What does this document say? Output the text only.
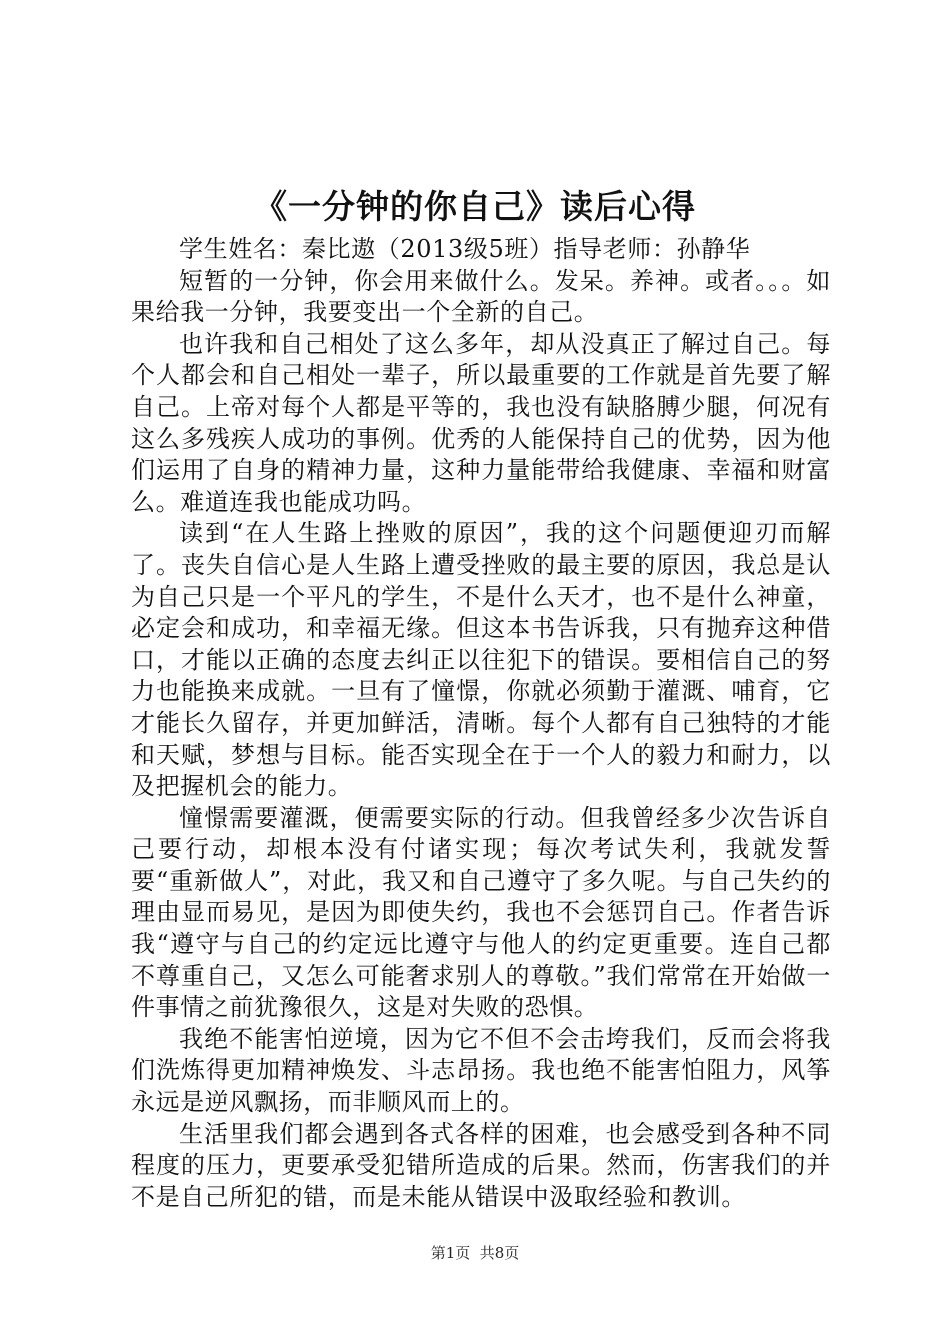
《一分钟的你自己》读后心得

学生姓名：秦比遨（2013级5班）指导老师：孙静华

短暂的一分钟，你会用来做什么。发呆。养神。或者。。。如果给我一分钟，我要变出一个全新的自己。

也许我和自己相处了这么多年，却从没真正了解过自己。每个人都会和自己相处一辈子，所以最重要的工作就是首先要了解自己。上帝对每个人都是平等的，我也没有缺胳膊少腿，何况有这么多残疾人成功的事例。优秀的人能保持自己的优势，因为他们运用了自身的精神力量，这种力量能带给我健康、幸福和财富么。难道连我也能成功吗。

读到“在人生路上挫败的原因”，我的这个问题便迎刃而解了。丧失自信心是人生路上遭受挫败的最主要的原因，我总是认为自己只是一个平凡的学生，不是什么天才，也不是什么神童，必定会和成功，和幸福无缘。但这本书告诉我，只有抛弃这种借口，才能以正确的态度去纠正以往犯下的错误。要相信自己的努力也能换来成就。一旦有了憧憬，你就必须勤于灌溉、哺育，它才能长久留存，并更加鲜活，清晰。每个人都有自己独特的才能和天赋，梦想与目标。能否实现全在于一个人的毅力和耐力，以及把握机会的能力。

憧憬需要灌溉，便需要实际的行动。但我曾经多少次告诉自己要行动，却根本没有付诸实现；每次考试失利，我就发誓要“重新做人”，对此，我又和自己遵守了多久呢。与自己失约的理由显而易见，是因为即使失约，我也不会惩罚自己。作者告诉我“遵守与自己的约定远比遵守与他人的约定更重要。连自己都不尊重自己，又怎么可能奢求别人的尊敬。”我们常常在开始做一件事情之前犹豫很久，这是对失败的恐惧。

我绝不能害怕逆境，因为它不但不会击垮我们，反而会将我们洗炼得更加精神焕发、斗志昂扬。我也绝不能害怕阻力，风筝永远是逆风飘扬，而非顺风而上的。

生活里我们都会遇到各式各样的困难，也会感受到各种不同程度的压力，更要承受犯错所造成的后果。然而，伤害我们的并不是自己所犯的错，而是未能从错误中汲取经验和教训。

第1页  共8页
